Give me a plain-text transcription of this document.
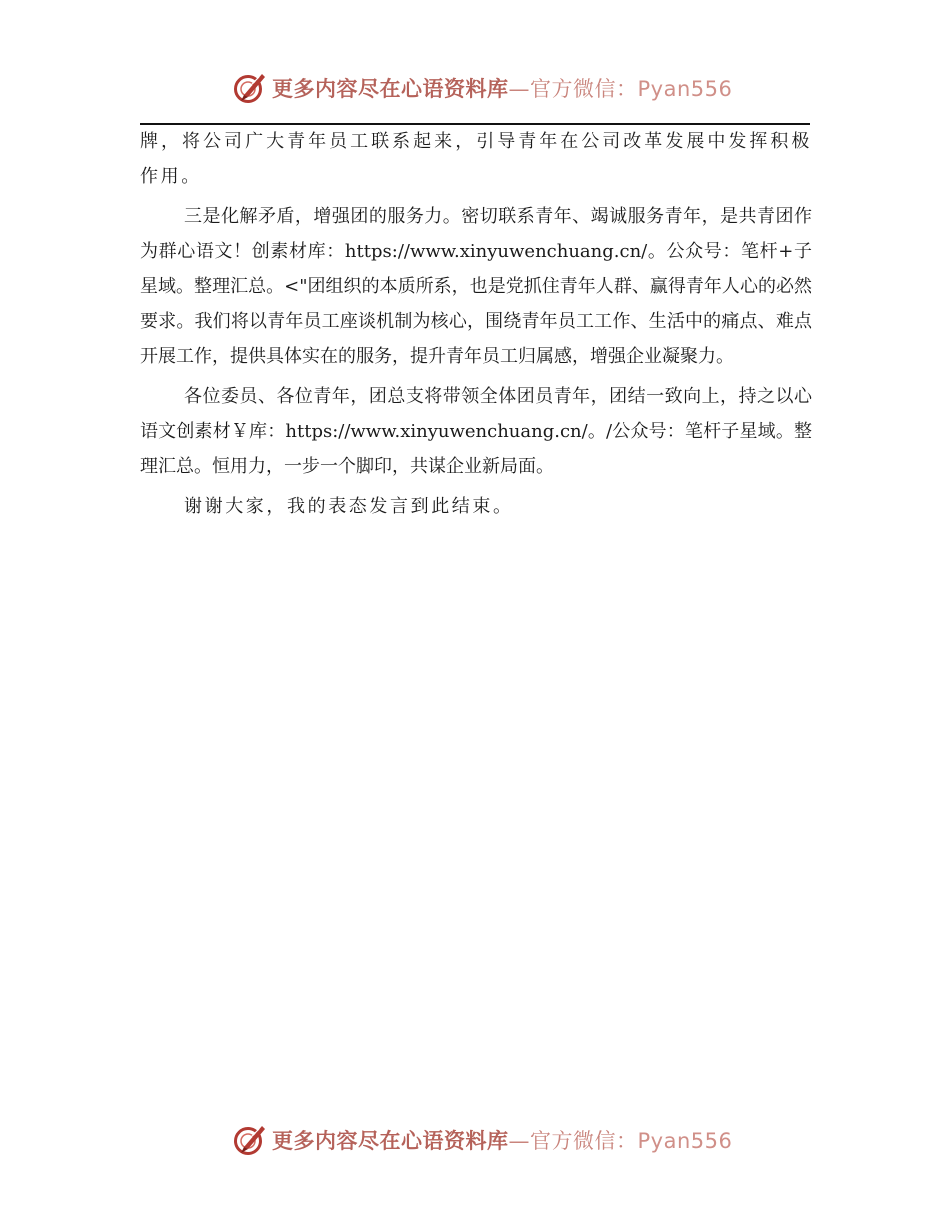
更多内容尽在心语资料库—官方微信：Pyan556

牌，将公司广大青年员工联系起来，引导青年在公司改革发展中发挥积极作用。

三是化解矛盾，增强团的服务力。密切联系青年、竭诚服务青年，是共青团作为群心语文！创素材库：https://www.xinyuwenchuang.cn/。公众号：笔杆+子星域。整理汇总。<"团组织的本质所系，也是党抓住青年人群、赢得青年人心的必然要求。我们将以青年员工座谈机制为核心，围绕青年员工工作、生活中的痛点、难点开展工作，提供具体实在的服务，提升青年员工归属感，增强企业凝聚力。

各位委员、各位青年，团总支将带领全体团员青年，团结一致向上，持之以心语文创素材￥库：https://www.xinyuwenchuang.cn/。/公众号：笔杆子星域。整理汇总。恒用力，一步一个脚印，共谋企业新局面。

谢谢大家，我的表态发言到此结束。

更多内容尽在心语资料库—官方微信：Pyan556
